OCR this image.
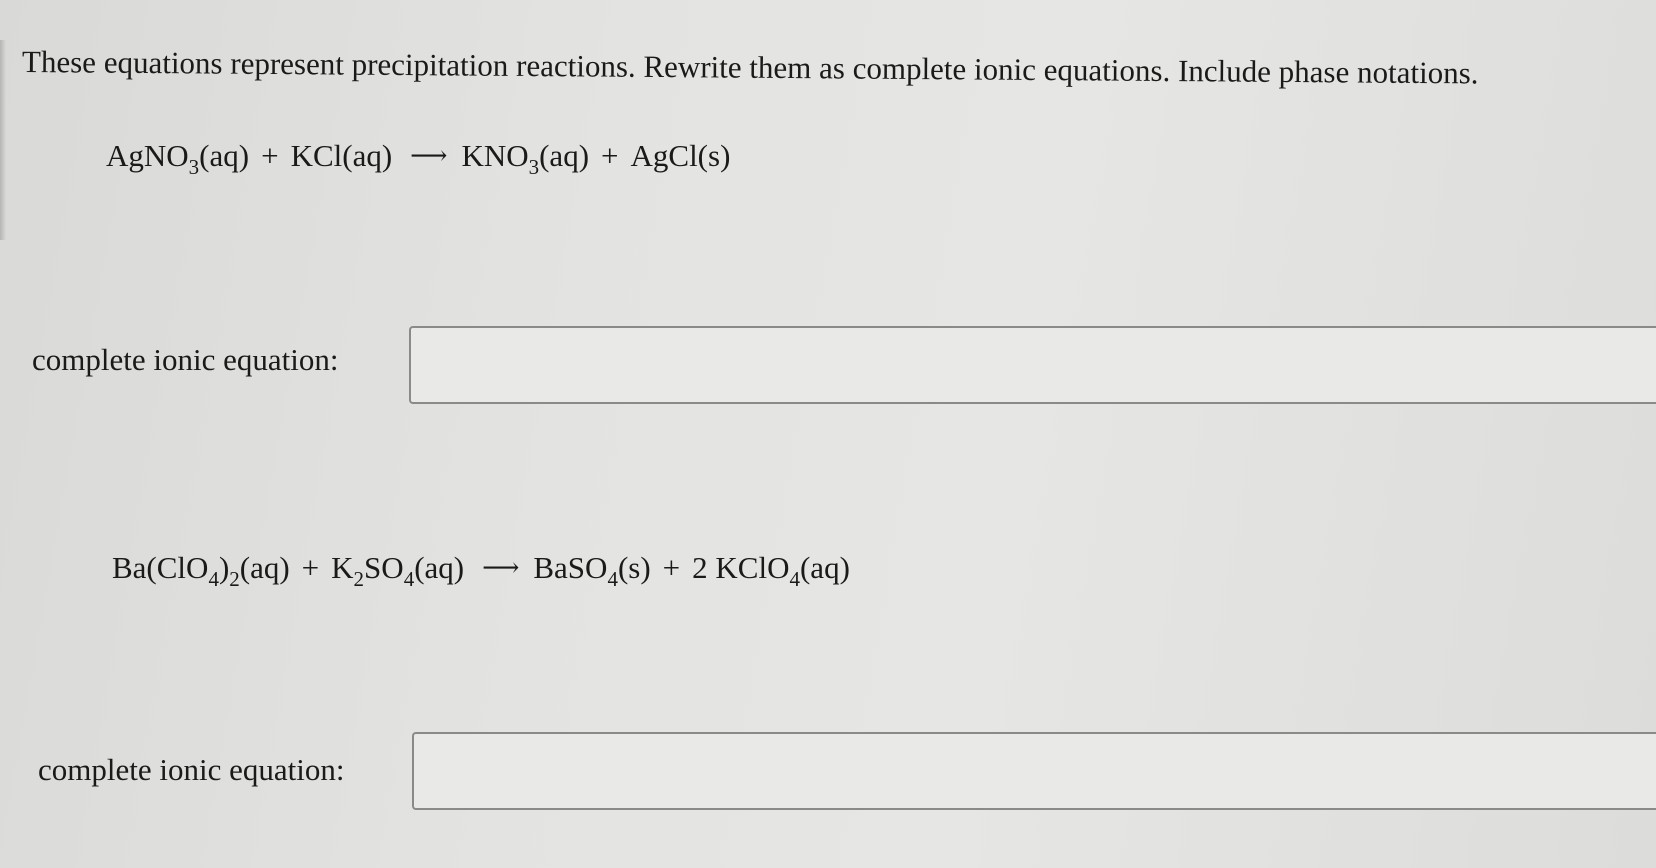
These equations represent precipitation reactions. Rewrite them as complete ionic equations. Include phase notations.
AgNO$_3$(aq) + KCl(aq) ⟶ $KNO_3(aq)$ + AgCl(s)
complete ionic equation:
$Ba(ClO_4)_2(aq) + K_2SO_4(aq)$ ⟶ BaSO$_4$(s) + 2 KClO$_4$(aq)
complete ionic equation:
